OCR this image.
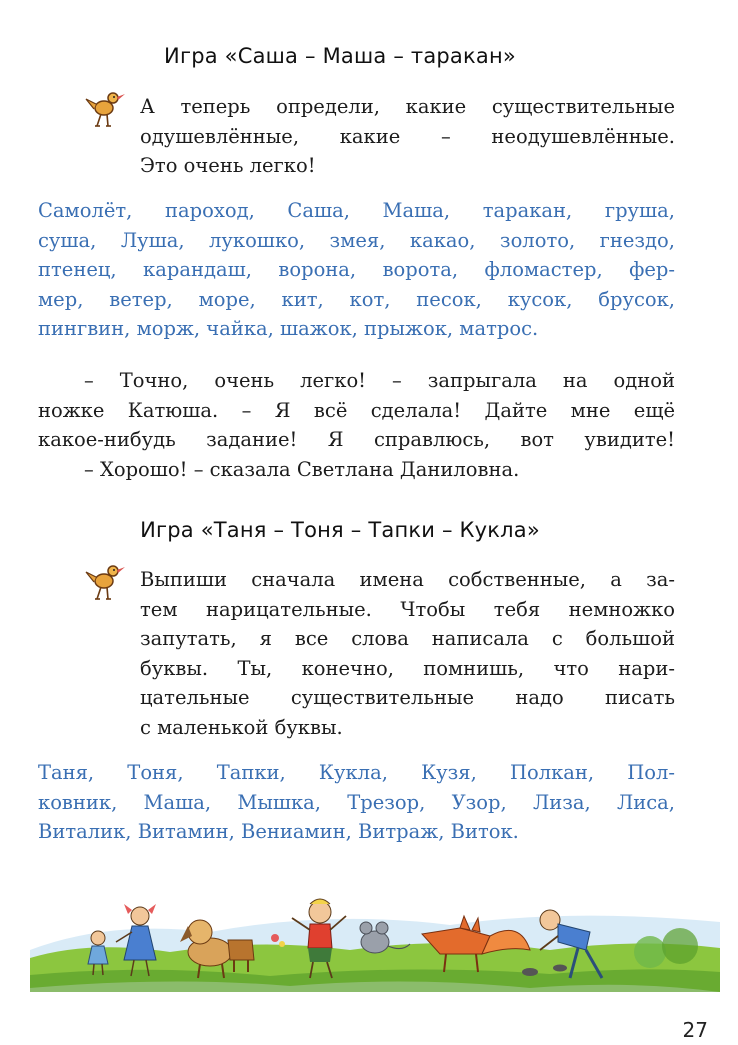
Игра «Саша – Маша – таракан»
А теперь определи, какие существительные
одушевлённые, какие – неодушевлённые.
Это очень легко!
Самолёт, пароход, Саша, Маша, таракан, груша,
суша, Луша, лукошко, змея, какао, золото, гнездо,
птенец, карандаш, ворона, ворота, фломастер, фер-
мер, ветер, море, кит, кот, песок, кусок, брусок,
пингвин, морж, чайка, шажок, прыжок, матрос.
– Точно, очень легко! – запрыгала на одной
ножке Катюша. – Я всё сделала! Дайте мне ещё
какое-нибудь задание! Я справлюсь, вот увидите!
– Хорошо! – сказала Светлана Даниловна.
Игра «Таня – Тоня – Тапки – Кукла»
Выпиши сначала имена собственные, а за-
тем нарицательные. Чтобы тебя немножко
запутать, я все слова написала с большой
буквы. Ты, конечно, помнишь, что нари-
цательные существительные надо писать
с маленькой буквы.
Таня, Тоня, Тапки, Кукла, Кузя, Полкан, Пол-
ковник, Маша, Мышка, Трезор, Узор, Лиза, Лиса,
Виталик, Витамин, Вениамин, Витраж, Виток.
27
